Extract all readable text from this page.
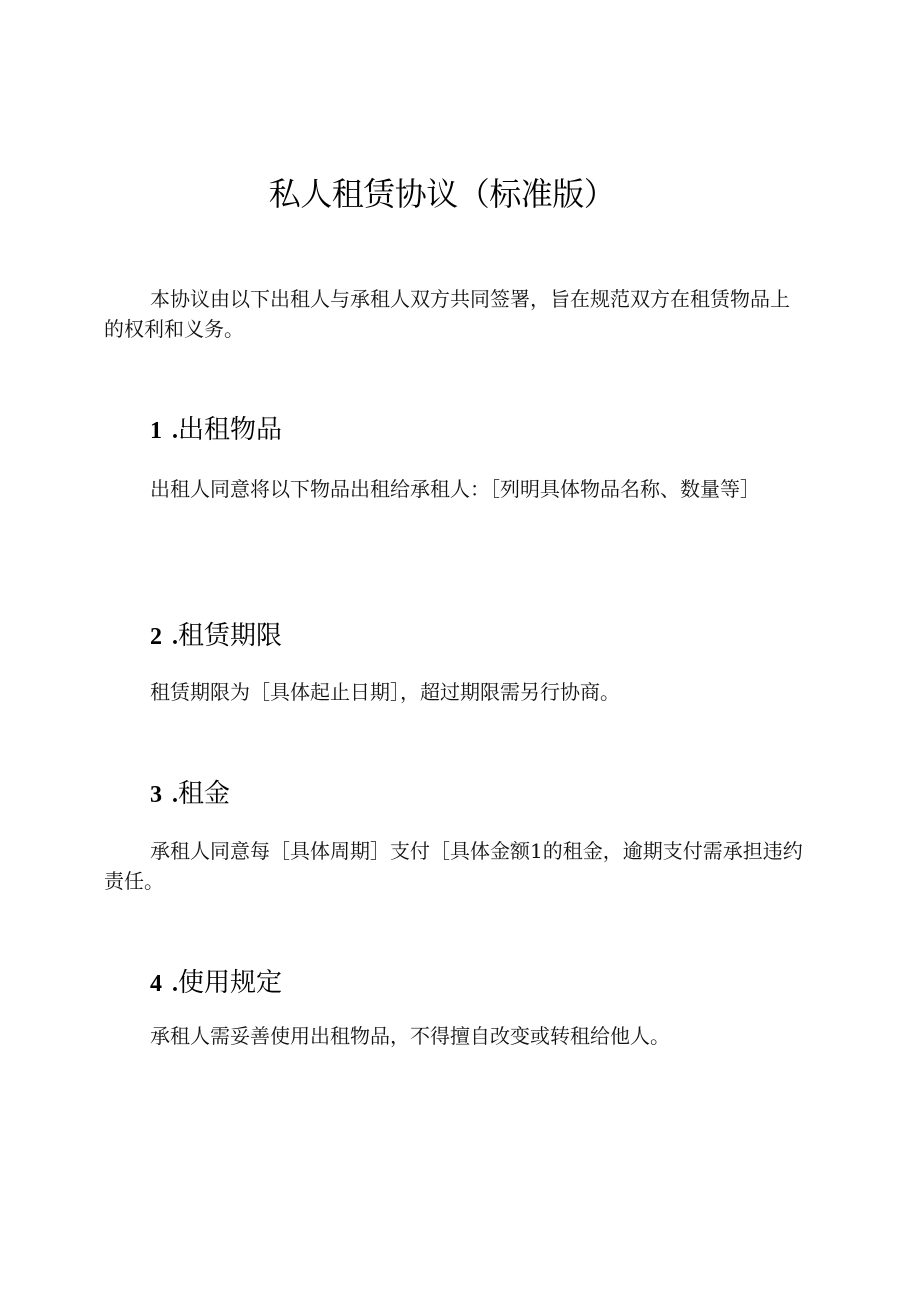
私人租赁协议（标准版）

本协议由以下出租人与承租人双方共同签署，旨在规范双方在租赁物品上的权利和义务。

1 .出租物品

出租人同意将以下物品出租给承租人：［列明具体物品名称、数量等］

2 .租赁期限

租赁期限为［具体起止日期］，超过期限需另行协商。

3 .租金

承租人同意每［具体周期］支付［具体金额1的租金，逾期支付需承担违约责任。

4 .使用规定

承租人需妥善使用出租物品，不得擅自改变或转租给他人。
